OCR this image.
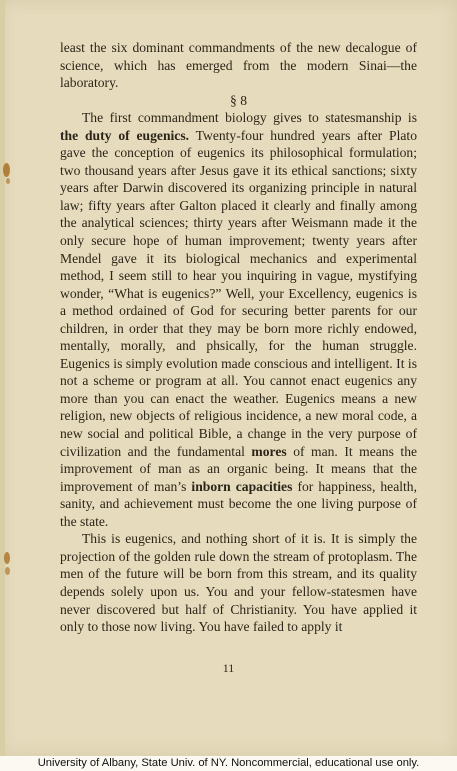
least the six dominant commandments of the new decalogue of science, which has emerged from the modern Sinai—the laboratory.

§ 8

The first commandment biology gives to statesmanship is the duty of eugenics. Twenty-four hundred years after Plato gave the conception of eugenics its philosophical formulation; two thousand years after Jesus gave it its ethical sanctions; sixty years after Darwin discovered its organizing principle in natural law; fifty years after Galton placed it clearly and finally among the analytical sciences; thirty years after Weismann made it the only secure hope of human improvement; twenty years after Mendel gave it its biological mechanics and experimental method, I seem still to hear you inquiring in vague, mystifying wonder, “What is eugenics?” Well, your Excellency, eugenics is a method ordained of God for securing better parents for our children, in order that they may be born more richly endowed, mentally, morally, and phsically, for the human struggle. Eugenics is simply evolution made conscious and intelligent. It is not a scheme or program at all. You cannot enact eugenics any more than you can enact the weather. Eugenics means a new religion, new objects of religious incidence, a new moral code, a new social and political Bible, a change in the very purpose of civilization and the fundamental mores of man. It means the improvement of man as an organic being. It means that the improvement of man’s inborn capacities for happiness, health, sanity, and achievement must become the one living purpose of the state.

This is eugenics, and nothing short of it is. It is simply the projection of the golden rule down the stream of protoplasm. The men of the future will be born from this stream, and its quality depends solely upon us. You and your fellow-statesmen have never discovered but half of Christianity. You have applied it only to those now living. You have failed to apply it

11
University of Albany, State Univ. of NY. Noncommercial, educational use only.
